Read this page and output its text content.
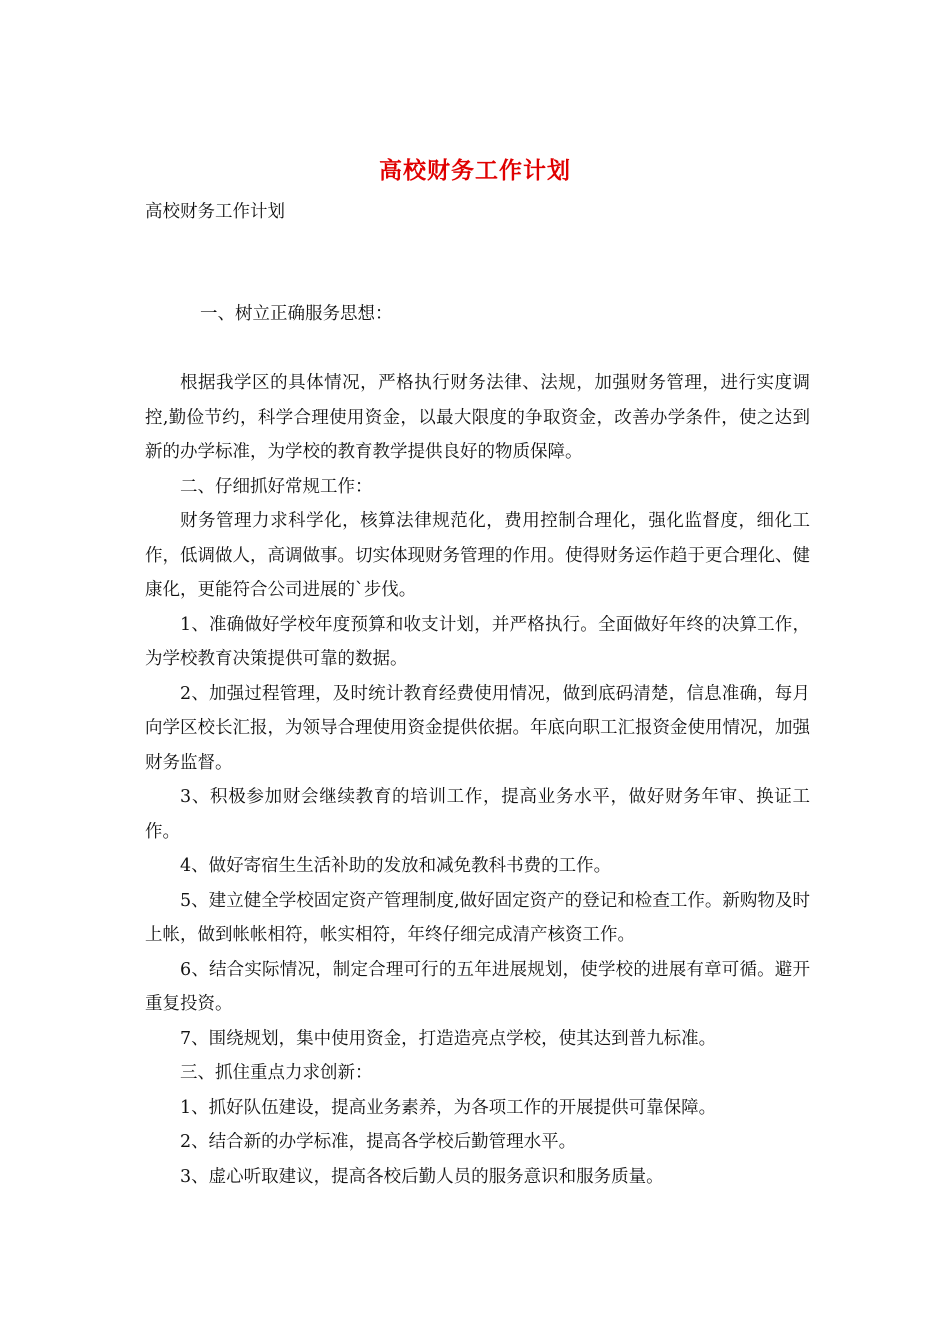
高校财务工作计划
高校财务工作计划
一、树立正确服务思想：

根据我学区的具体情况，严格执行财务法律、法规，加强财务管理，进行实度调控,勤俭节约，科学合理使用资金，以最大限度的争取资金，改善办学条件，使之达到新的办学标准，为学校的教育教学提供良好的物质保障。

二、仔细抓好常规工作：

财务管理力求科学化，核算法律规范化，费用控制合理化，强化监督度，细化工作，低调做人，高调做事。切实体现财务管理的作用。使得财务运作趋于更合理化、健康化，更能符合公司进展的`步伐。

1、准确做好学校年度预算和收支计划，并严格执行。全面做好年终的决算工作，为学校教育决策提供可靠的数据。

2、加强过程管理，及时统计教育经费使用情况，做到底码清楚，信息准确，每月向学区校长汇报，为领导合理使用资金提供依据。年底向职工汇报资金使用情况，加强财务监督。

3、积极参加财会继续教育的培训工作，提高业务水平，做好财务年审、换证工作。

4、做好寄宿生生活补助的发放和减免教科书费的工作。

5、建立健全学校固定资产管理制度,做好固定资产的登记和检查工作。新购物及时上帐，做到帐帐相符，帐实相符，年终仔细完成清产核资工作。

6、结合实际情况，制定合理可行的五年进展规划，使学校的进展有章可循。避开重复投资。

7、围绕规划，集中使用资金，打造造亮点学校，使其达到普九标准。

三、抓住重点力求创新：

1、抓好队伍建设，提高业务素养，为各项工作的开展提供可靠保障。

2、结合新的办学标准，提高各学校后勤管理水平。

3、虚心听取建议，提高各校后勤人员的服务意识和服务质量。
